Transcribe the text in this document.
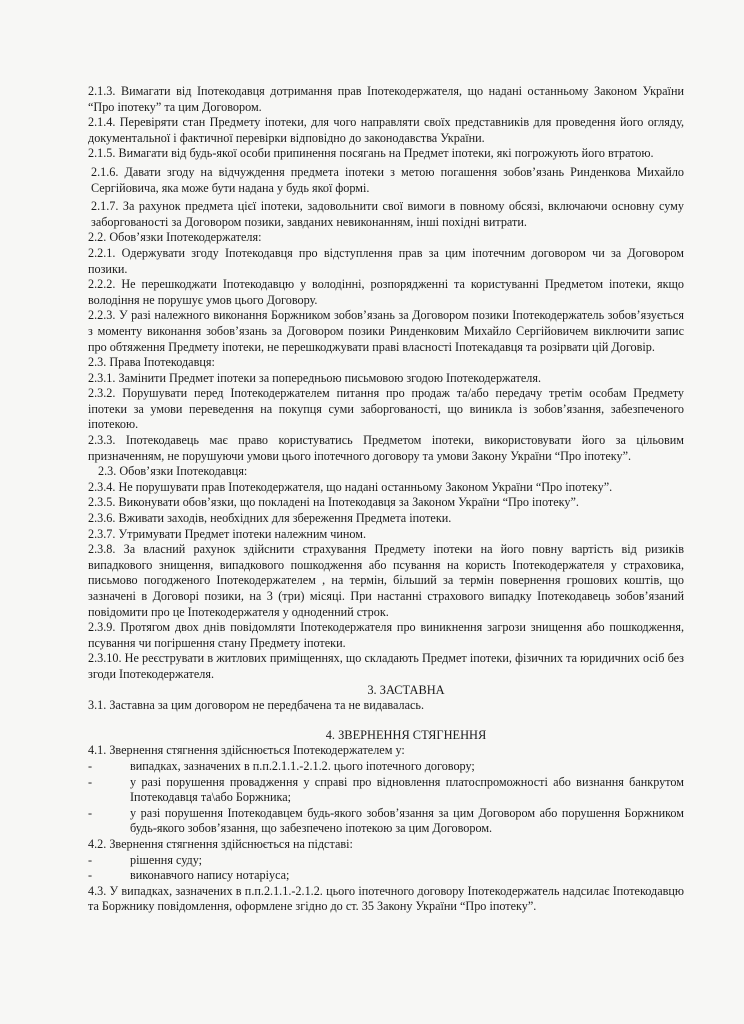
2.1.3. Вимагати від Іпотекодавця дотримання прав Іпотекодержателя, що надані останньому Законом України “Про іпотеку” та цим Договором.

2.1.4. Перевіряти стан Предмету іпотеки, для чого направляти своїх представників для проведення його огляду, документальної і фактичної перевірки відповідно до законодавства України.

2.1.5. Вимагати від будь-якої особи припинення посягань на Предмет іпотеки, які погрожують його втратою.

2.1.6. Давати згоду на відчуждення предмета іпотеки з метою погашення зобов’язань Ринденкова Михайло Сергійовича, яка може бути надана у будь якої формі.

2.1.7. За рахунок предмета цієї іпотеки, задовольнити свої вимоги в повному обсязі, включаючи основну суму заборгованості за Договором позики, завданих невиконанням, інші похідні витрати.

2.2. Обов’язки Іпотекодержателя:

2.2.1. Одержувати згоду Іпотекодавця про відступлення прав за цим іпотечним договором чи за Договором позики.

2.2.2. Не перешкоджати Іпотекодавцю у володінні, розпорядженні та користуванні Предметом іпотеки, якщо володіння не порушує умов цього Договору.

2.2.3. У разі належного виконання Боржником зобов’язань за Договором позики Іпотекодержатель зобов’язується з моменту виконання зобов’язань за Договором позики Ринденковим Михайло Сергійовичем виключити запис про обтяження Предмету іпотеки, не перешкоджувати праві власності Іпотекадавця та розірвати цій Договір.

2.3. Права Іпотекодавця:

2.3.1. Замінити Предмет іпотеки за попередньою письмовою згодою Іпотекодержателя.

2.3.2. Порушувати перед Іпотекодержателем питання про продаж та/або передачу третім особам Предмету іпотеки за умови переведення на покупця суми заборгованості, що виникла із зобов’язання, забезпеченого іпотекою.

2.3.3. Іпотекодавець має право користуватись Предметом іпотеки, використовувати його за цільовим призначенням, не порушуючи умови цього іпотечного договору та умови Закону України “Про іпотеку”.

2.3. Обов’язки Іпотекодавця:

2.3.4. Не порушувати прав Іпотекодержателя, що надані останньому Законом України “Про іпотеку”.

2.3.5. Виконувати обов’язки, що покладені на Іпотекодавця за Законом України “Про іпотеку”.

2.3.6. Вживати заходів, необхідних для збереження Предмета іпотеки.

2.3.7. Утримувати Предмет іпотеки належним чином.

2.3.8. За власний рахунок здійснити страхування Предмету іпотеки на його повну вартість від ризиків випадкового знищення, випадкового пошкодження або псування на користь Іпотекодержателя у страховика, письмово погодженого Іпотекодержателем , на термін, більший за термін повернення грошових коштів, що зазначені в Договорі позики, на 3 (три) місяці. При настанні страхового випадку Іпотекодавець зобов’язаний повідомити про це Іпотекодержателя у одноденний строк.

2.3.9. Протягом двох днів повідомляти Іпотекодержателя про виникнення загрози знищення або пошкодження, псування чи погіршення стану Предмету іпотеки.

2.3.10. Не реєструвати в житлових приміщеннях, що складають Предмет іпотеки, фізичних та юридичних осіб без згоди Іпотекодержателя.

3. ЗАСТАВНА

3.1. Заставна за цим договором не передбачена та не видавалась.

4. ЗВЕРНЕННЯ СТЯГНЕННЯ

4.1. Звернення стягнення здійснюється Іпотекодержателем у:

-	випадках, зазначених в п.п.2.1.1.-2.1.2. цього іпотечного договору;
-	у разі порушення провадження у справі про відновлення платоспроможності або визнання банкрутом Іпотекодавця та\або Боржника;
-	у разі порушення Іпотекодавцем будь-якого зобов’язання за цим Договором або порушення Боржником будь-якого зобов’язання, що забезпечено іпотекою за цим Договором.

4.2. Звернення стягнення здійснюється на підставі:

-	рішення суду;
-	виконавчого напису нотаріуса;

4.3. У випадках, зазначених в п.п.2.1.1.-2.1.2. цього іпотечного договору Іпотекодержатель надсилає Іпотекодавцю та Боржнику повідомлення, оформлене згідно до ст. 35 Закону України “Про іпотеку”.
